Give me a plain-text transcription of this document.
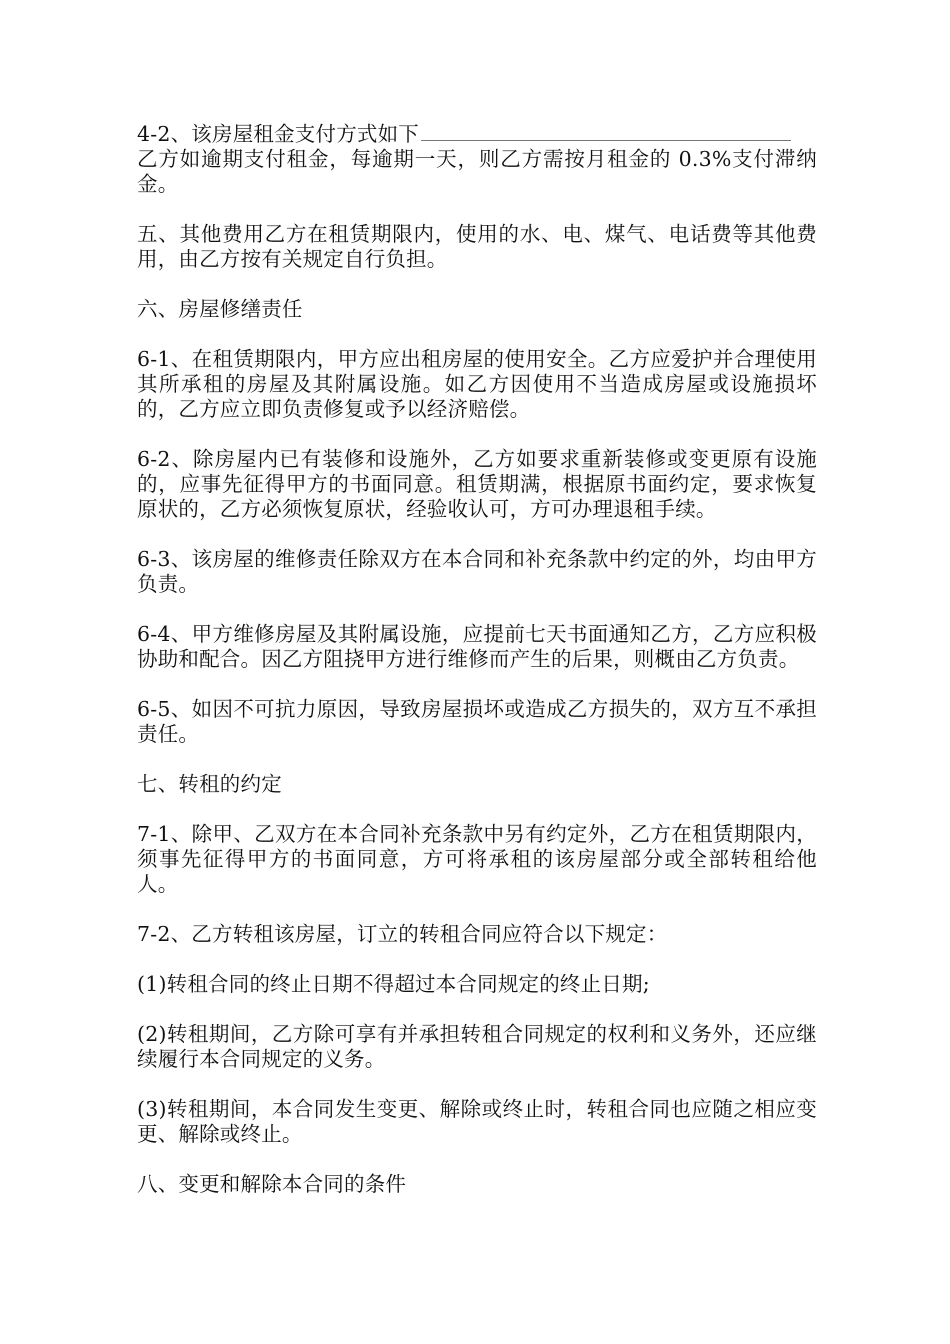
4-2、该房屋租金支付方式如下

乙方如逾期支付租金，每逾期一天，则乙方需按月租金的 0.3%支付滞纳金。

五、其他费用乙方在租赁期限内，使用的水、电、煤气、电话费等其他费用，由乙方按有关规定自行负担。

六、房屋修缮责任

6-1、在租赁期限内，甲方应出租房屋的使用安全。乙方应爱护并合理使用其所承租的房屋及其附属设施。如乙方因使用不当造成房屋或设施损坏的，乙方应立即负责修复或予以经济赔偿。

6-2、除房屋内已有装修和设施外，乙方如要求重新装修或变更原有设施的，应事先征得甲方的书面同意。租赁期满，根据原书面约定，要求恢复原状的，乙方必须恢复原状，经验收认可，方可办理退租手续。

6-3、该房屋的维修责任除双方在本合同和补充条款中约定的外，均由甲方负责。

6-4、甲方维修房屋及其附属设施，应提前七天书面通知乙方，乙方应积极协助和配合。因乙方阻挠甲方进行维修而产生的后果，则概由乙方负责。

6-5、如因不可抗力原因，导致房屋损坏或造成乙方损失的，双方互不承担责任。

七、转租的约定

7-1、除甲、乙双方在本合同补充条款中另有约定外，乙方在租赁期限内，须事先征得甲方的书面同意，方可将承租的该房屋部分或全部转租给他人。

7-2、乙方转租该房屋，订立的转租合同应符合以下规定：

(1)转租合同的终止日期不得超过本合同规定的终止日期;

(2)转租期间，乙方除可享有并承担转租合同规定的权利和义务外，还应继续履行本合同规定的义务。

(3)转租期间，本合同发生变更、解除或终止时，转租合同也应随之相应变更、解除或终止。

八、变更和解除本合同的条件
